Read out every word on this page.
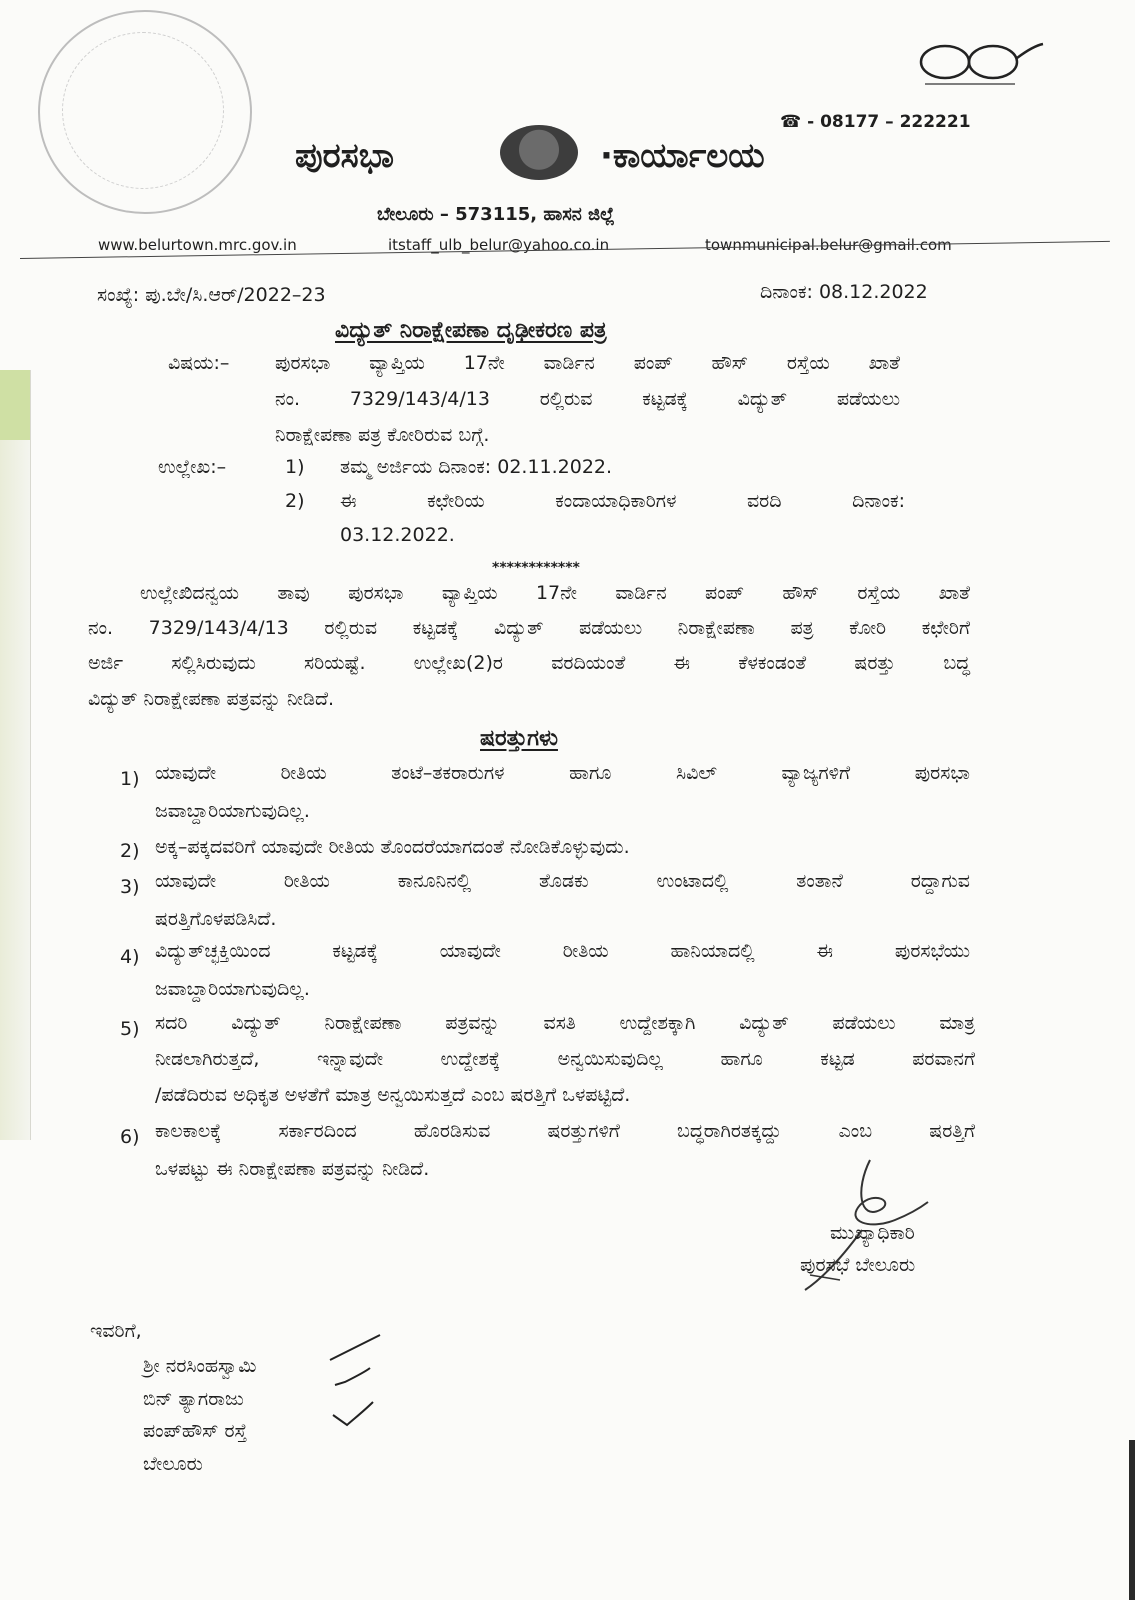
☎ - 08177 – 222221
ಪುರಸಭಾ	·ಕಾರ್ಯಾಲಯ
ಬೇಲೂರು – 573115, ಹಾಸನ ಜಿಲ್ಲೆ
www.belurtown.mrc.gov.in	itstaff_ulb_belur@yahoo.co.in	townmunicipal.belur@gmail.com
ಸಂಖ್ಯೆ: ಪು.ಬೇ/ಸಿ.ಆರ್/2022–23	ದಿನಾಂಕ: 08.12.2022
ವಿದ್ಯುತ್ ನಿರಾಕ್ಷೇಪಣಾ ದೃಢೀಕರಣ ಪತ್ರ
ವಿಷಯ:– ಪುರಸಭಾ ವ್ಯಾಪ್ತಿಯ 17ನೇ ವಾರ್ಡಿನ ಪಂಪ್ ಹೌಸ್ ರಸ್ತೆಯ ಖಾತೆ
ನಂ. 7329/143/4/13 ರಲ್ಲಿರುವ ಕಟ್ಟಡಕ್ಕೆ ವಿದ್ಯುತ್ ಪಡೆಯಲು
ನಿರಾಕ್ಷೇಪಣಾ ಪತ್ರ ಕೋರಿರುವ ಬಗ್ಗೆ.
ಉಲ್ಲೇಖ:–	1) ತಮ್ಮ ಅರ್ಜಿಯ ದಿನಾಂಕ: 02.11.2022.
2) ಈ ಕಛೇರಿಯ ಕಂದಾಯಾಧಿಕಾರಿಗಳ ವರದಿ ದಿನಾಂಕ:
03.12.2022.
************
ಉಲ್ಲೇಖಿದನ್ವಯ ತಾವು ಪುರಸಭಾ ವ್ಯಾಪ್ತಿಯ 17ನೇ ವಾರ್ಡಿನ ಪಂಪ್ ಹೌಸ್ ರಸ್ತೆಯ ಖಾತೆ
ನಂ. 7329/143/4/13 ರಲ್ಲಿರುವ ಕಟ್ಟಡಕ್ಕೆ ವಿದ್ಯುತ್ ಪಡೆಯಲು ನಿರಾಕ್ಷೇಪಣಾ ಪತ್ರ ಕೋರಿ ಕಛೇರಿಗೆ
ಅರ್ಜಿ ಸಲ್ಲಿಸಿರುವುದು ಸರಿಯಷ್ಟೆ. ಉಲ್ಲೇಖ(2)ರ ವರದಿಯಂತೆ ಈ ಕೆಳಕಂಡಂತೆ ಷರತ್ತು ಬದ್ಧ
ವಿದ್ಯುತ್ ನಿರಾಕ್ಷೇಪಣಾ ಪತ್ರವನ್ನು ನೀಡಿದೆ.
ಷರತ್ತುಗಳು
1) ಯಾವುದೇ ರೀತಿಯ ತಂಟೆ–ತಕರಾರುಗಳ ಹಾಗೂ ಸಿವಿಲ್ ವ್ಯಾಜ್ಯಗಳಿಗೆ ಪುರಸಭಾ
ಜವಾಬ್ದಾರಿಯಾಗುವುದಿಲ್ಲ.
2) ಅಕ್ಕ–ಪಕ್ಕದವರಿಗೆ ಯಾವುದೇ ರೀತಿಯ ತೊಂದರೆಯಾಗದಂತೆ ನೋಡಿಕೊಳ್ಳುವುದು.
3) ಯಾವುದೇ ರೀತಿಯ ಕಾನೂನಿನಲ್ಲಿ ತೊಡಕು ಉಂಟಾದಲ್ಲಿ ತಂತಾನೆ ರದ್ದಾಗುವ
ಷರತ್ತಿಗೊಳಪಡಿಸಿದೆ.
4) ವಿದ್ಯುತ್‌ಚ್ಛಕ್ತಿಯಿಂದ ಕಟ್ಟಡಕ್ಕೆ ಯಾವುದೇ ರೀತಿಯ ಹಾನಿಯಾದಲ್ಲಿ ಈ ಪುರಸಭೆಯು
ಜವಾಬ್ದಾರಿಯಾಗುವುದಿಲ್ಲ.
5) ಸದರಿ ವಿದ್ಯುತ್ ನಿರಾಕ್ಷೇಪಣಾ ಪತ್ರವನ್ನು ವಸತಿ ಉದ್ದೇಶಕ್ಕಾಗಿ ವಿದ್ಯುತ್ ಪಡೆಯಲು ಮಾತ್ರ
ನೀಡಲಾಗಿರುತ್ತದೆ, ಇನ್ನಾವುದೇ ಉದ್ದೇಶಕ್ಕೆ ಅನ್ವಯಿಸುವುದಿಲ್ಲ ಹಾಗೂ ಕಟ್ಟಡ ಪರವಾನಗೆ
/ಪಡೆದಿರುವ ಅಧಿಕೃತ ಅಳತೆಗೆ ಮಾತ್ರ ಅನ್ವಯಿಸುತ್ತದೆ ಎಂಬ ಷರತ್ತಿಗೆ ಒಳಪಟ್ಟಿದೆ.
6) ಕಾಲಕಾಲಕ್ಕೆ ಸರ್ಕಾರದಿಂದ ಹೊರಡಿಸುವ ಷರತ್ತುಗಳಿಗೆ ಬದ್ಧರಾಗಿರತಕ್ಕದ್ದು ಎಂಬ ಷರತ್ತಿಗೆ
ಒಳಪಟ್ಟು ಈ ನಿರಾಕ್ಷೇಪಣಾ ಪತ್ರವನ್ನು ನೀಡಿದೆ.
ಮುಖ್ಯಾಧಿಕಾರಿ
ಪುರಸಭೆ ಬೇಲೂರು
ಇವರಿಗೆ,
ಶ್ರೀ ನರಸಿಂಹಸ್ವಾಮಿ
ಬಿನ್ ತ್ಯಾಗರಾಜು
ಪಂಪ್‌ಹೌಸ್ ರಸ್ತೆ
ಬೇಲೂರು
